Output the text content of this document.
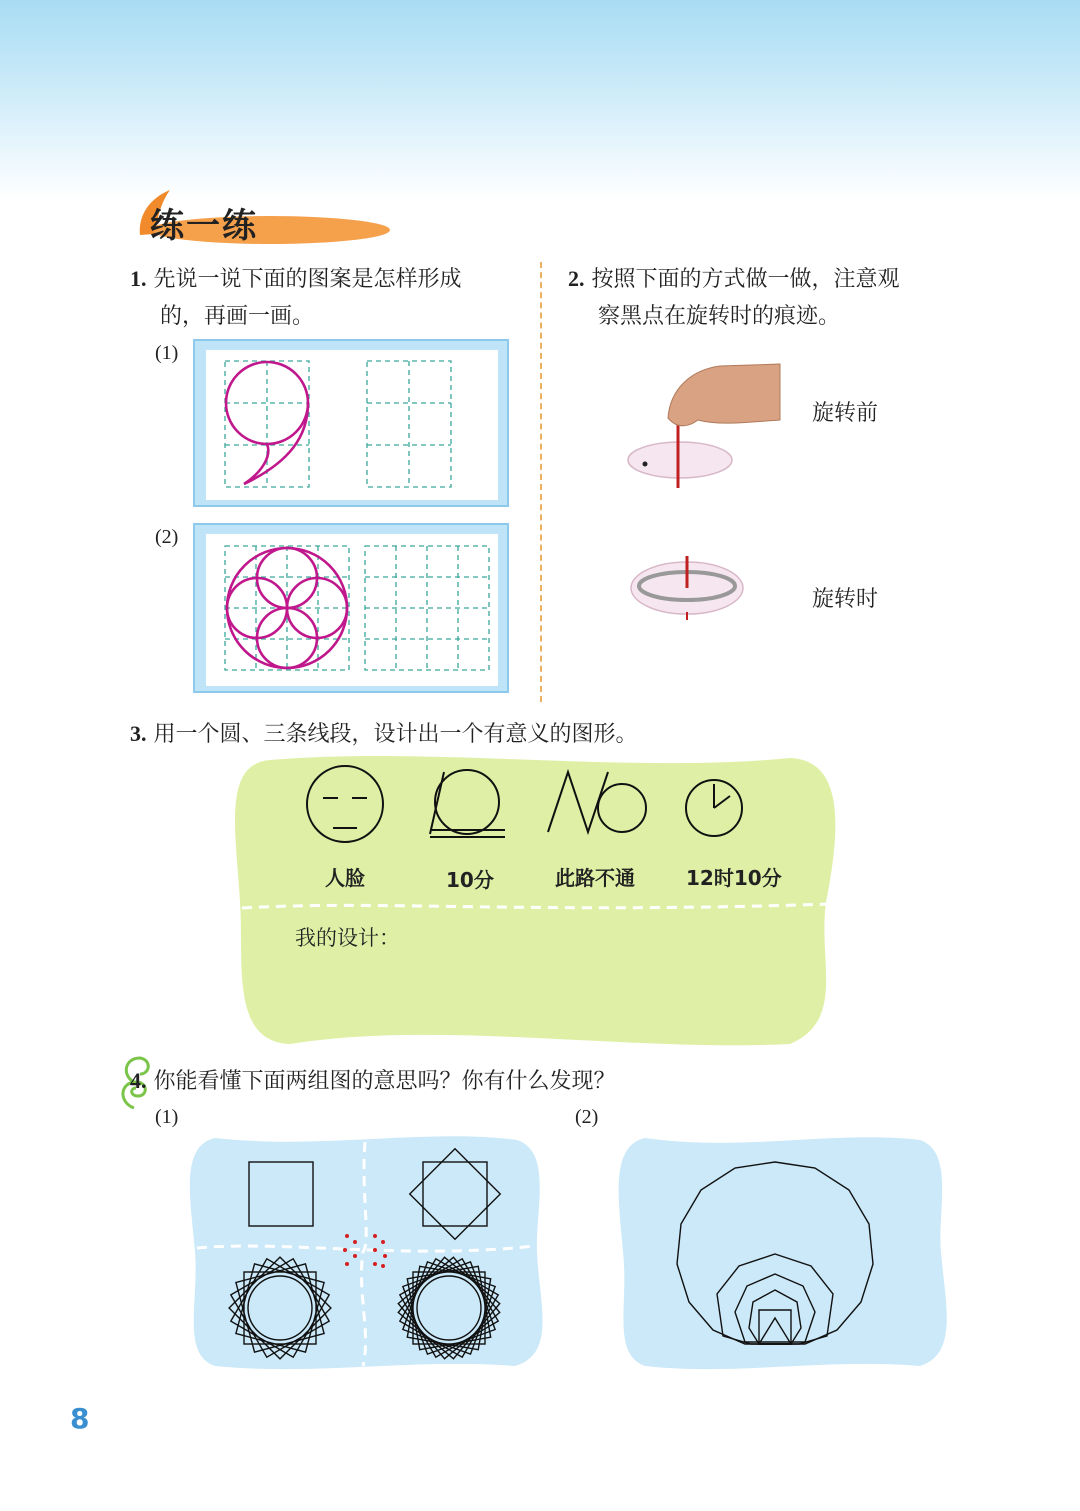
练一练
1. 先说一说下面的图案是怎样形成
的，再画一画。
(1)
(2)
2. 按照下面的方式做一做，注意观
察黑点在旋转时的痕迹。
旋转前
旋转时
3. 用一个圆、三条线段，设计出一个有意义的图形。
人脸	10分	此路不通	12时10分
我的设计：
4. 你能看懂下面两组图的意思吗？你有什么发现？
(1)	(2)
8
